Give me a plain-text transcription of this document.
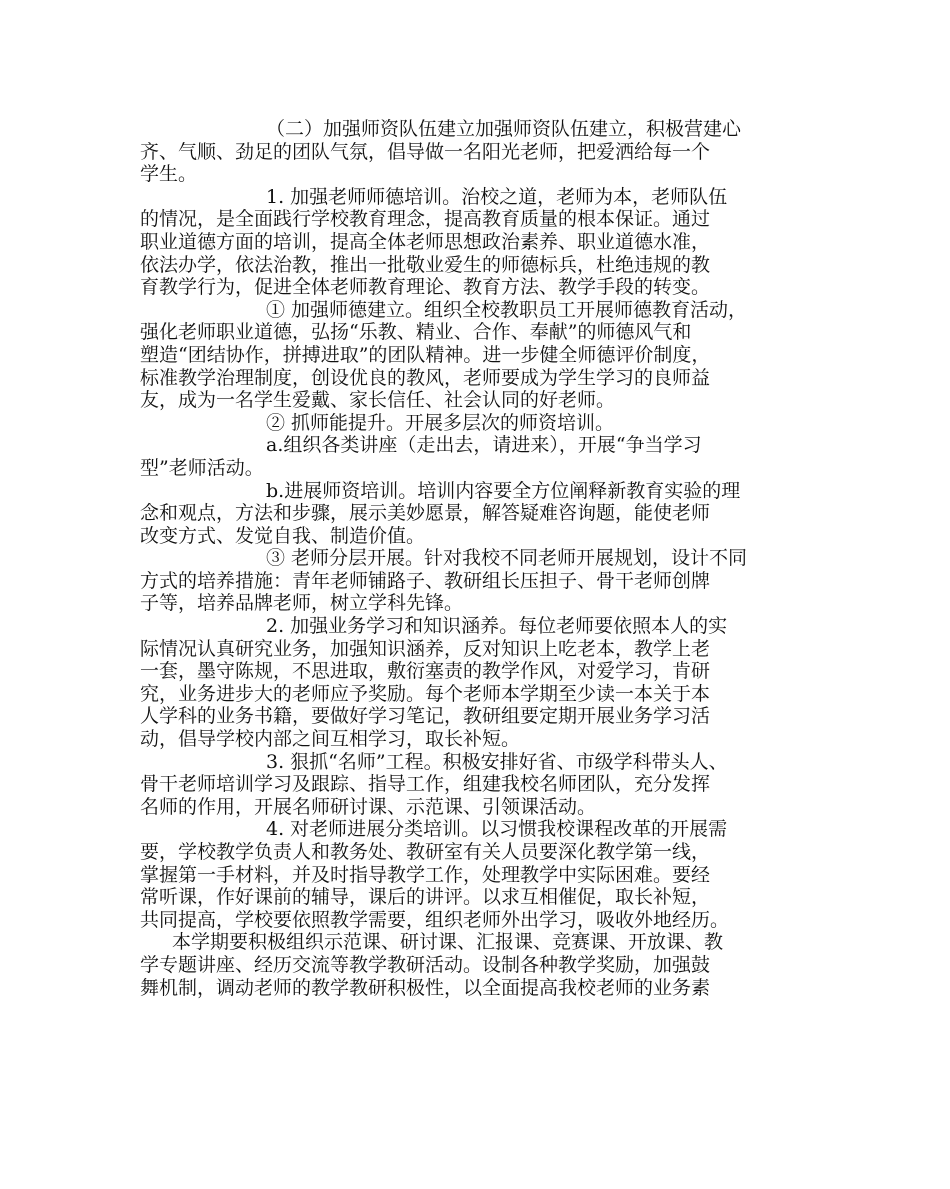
（二）加强师资队伍建立加强师资队伍建立，积极营建心
齐、气顺、劲足的团队气氛，倡导做一名阳光老师，把爱洒给每一个
学生。
1. 加强老师师德培训。治校之道，老师为本，老师队伍
的情况，是全面践行学校教育理念，提高教育质量的根本保证。通过
职业道德方面的培训，提高全体老师思想政治素养、职业道德水准，
依法办学，依法治教，推出一批敬业爱生的师德标兵，杜绝违规的教
育教学行为，促进全体老师教育理论、教育方法、教学手段的转变。
① 加强师德建立。组织全校教职员工开展师德教育活动，
强化老师职业道德，弘扬“乐教、精业、合作、奉献”的师德风气和
塑造“团结协作，拼搏进取”的团队精神。进一步健全师德评价制度，
标准教学治理制度，创设优良的教风，老师要成为学生学习的良师益
友，成为一名学生爱戴、家长信任、社会认同的好老师。
② 抓师能提升。开展多层次的师资培训。
a.组织各类讲座（走出去，请进来），开展“争当学习
型”老师活动。
b.进展师资培训。培训内容要全方位阐释新教育实验的理
念和观点，方法和步骤，展示美妙愿景，解答疑难咨询题，能使老师
改变方式、发觉自我、制造价值。
③ 老师分层开展。针对我校不同老师开展规划，设计不同
方式的培养措施：青年老师铺路子、教研组长压担子、骨干老师创牌
子等，培养品牌老师，树立学科先锋。
2. 加强业务学习和知识涵养。每位老师要依照本人的实
际情况认真研究业务，加强知识涵养，反对知识上吃老本，教学上老
一套，墨守陈规，不思进取，敷衍塞责的教学作风，对爱学习，肯研
究，业务进步大的老师应予奖励。每个老师本学期至少读一本关于本
人学科的业务书籍，要做好学习笔记，教研组要定期开展业务学习活
动，倡导学校内部之间互相学习，取长补短。
3. 狠抓“名师”工程。积极安排好省、市级学科带头人、
骨干老师培训学习及跟踪、指导工作，组建我校名师团队，充分发挥
名师的作用，开展名师研讨课、示范课、引领课活动。
4. 对老师进展分类培训。以习惯我校课程改革的开展需
要，学校教学负责人和教务处、教研室有关人员要深化教学第一线，
掌握第一手材料，并及时指导教学工作，处理教学中实际困难。要经
常听课，作好课前的辅导，课后的讲评。以求互相催促，取长补短，
共同提高，学校要依照教学需要，组织老师外出学习，吸收外地经历。
本学期要积极组织示范课、研讨课、汇报课、竞赛课、开放课、教
学专题讲座、经历交流等教学教研活动。设制各种教学奖励，加强鼓
舞机制，调动老师的教学教研积极性，以全面提高我校老师的业务素
